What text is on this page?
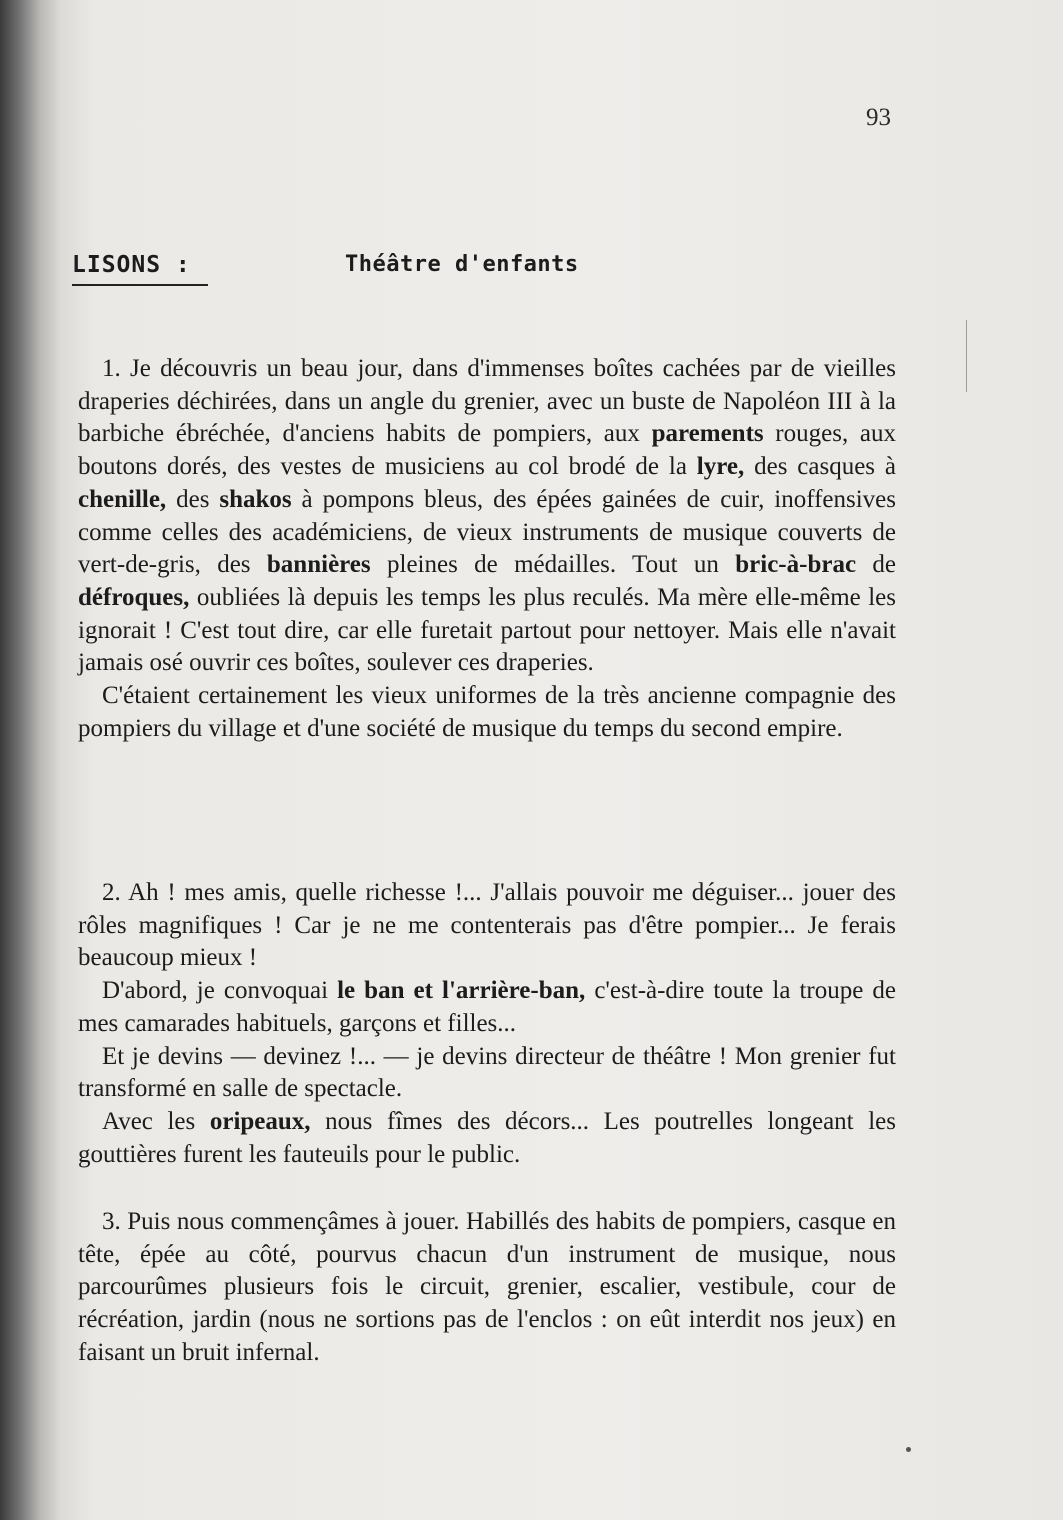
93
LISONS :	Théâtre d'enfants

1. Je découvris un beau jour, dans d'immenses boîtes cachées par de vieilles draperies déchirées, dans un angle du grenier, avec un buste de Napoléon III à la barbiche ébréchée, d'anciens habits de pompiers, aux parements rouges, aux boutons dorés, des vestes de musiciens au col brodé de la lyre, des casques à chenille, des shakos à pompons bleus, des épées gainées de cuir, inoffensives comme celles des académiciens, de vieux instruments de musique couverts de vert-de-gris, des bannières pleines de médailles. Tout un bric-à-brac de défroques, oubliées là depuis les temps les plus reculés. Ma mère elle-même les ignorait ! C'est tout dire, car elle furetait partout pour nettoyer. Mais elle n'avait jamais osé ouvrir ces boîtes, soulever ces draperies.

C'étaient certainement les vieux uniformes de la très ancienne compagnie des pompiers du village et d'une société de musique du temps du second empire.

2. Ah ! mes amis, quelle richesse !... J'allais pouvoir me déguiser... jouer des rôles magnifiques ! Car je ne me contenterais pas d'être pompier... Je ferais beaucoup mieux !

D'abord, je convoquai le ban et l'arrière-ban, c'est-à-dire toute la troupe de mes camarades habituels, garçons et filles...

Et je devins — devinez !... — je devins directeur de théâtre ! Mon grenier fut transformé en salle de spectacle.

Avec les oripeaux, nous fîmes des décors... Les poutrelles longeant les gouttières furent les fauteuils pour le public.

3. Puis nous commençâmes à jouer. Habillés des habits de pompiers, casque en tête, épée au côté, pourvus chacun d'un instrument de musique, nous parcourûmes plusieurs fois le circuit, grenier, escalier, vestibule, cour de récréation, jardin (nous ne sortions pas de l'enclos : on eût interdit nos jeux) en faisant un bruit infernal.
